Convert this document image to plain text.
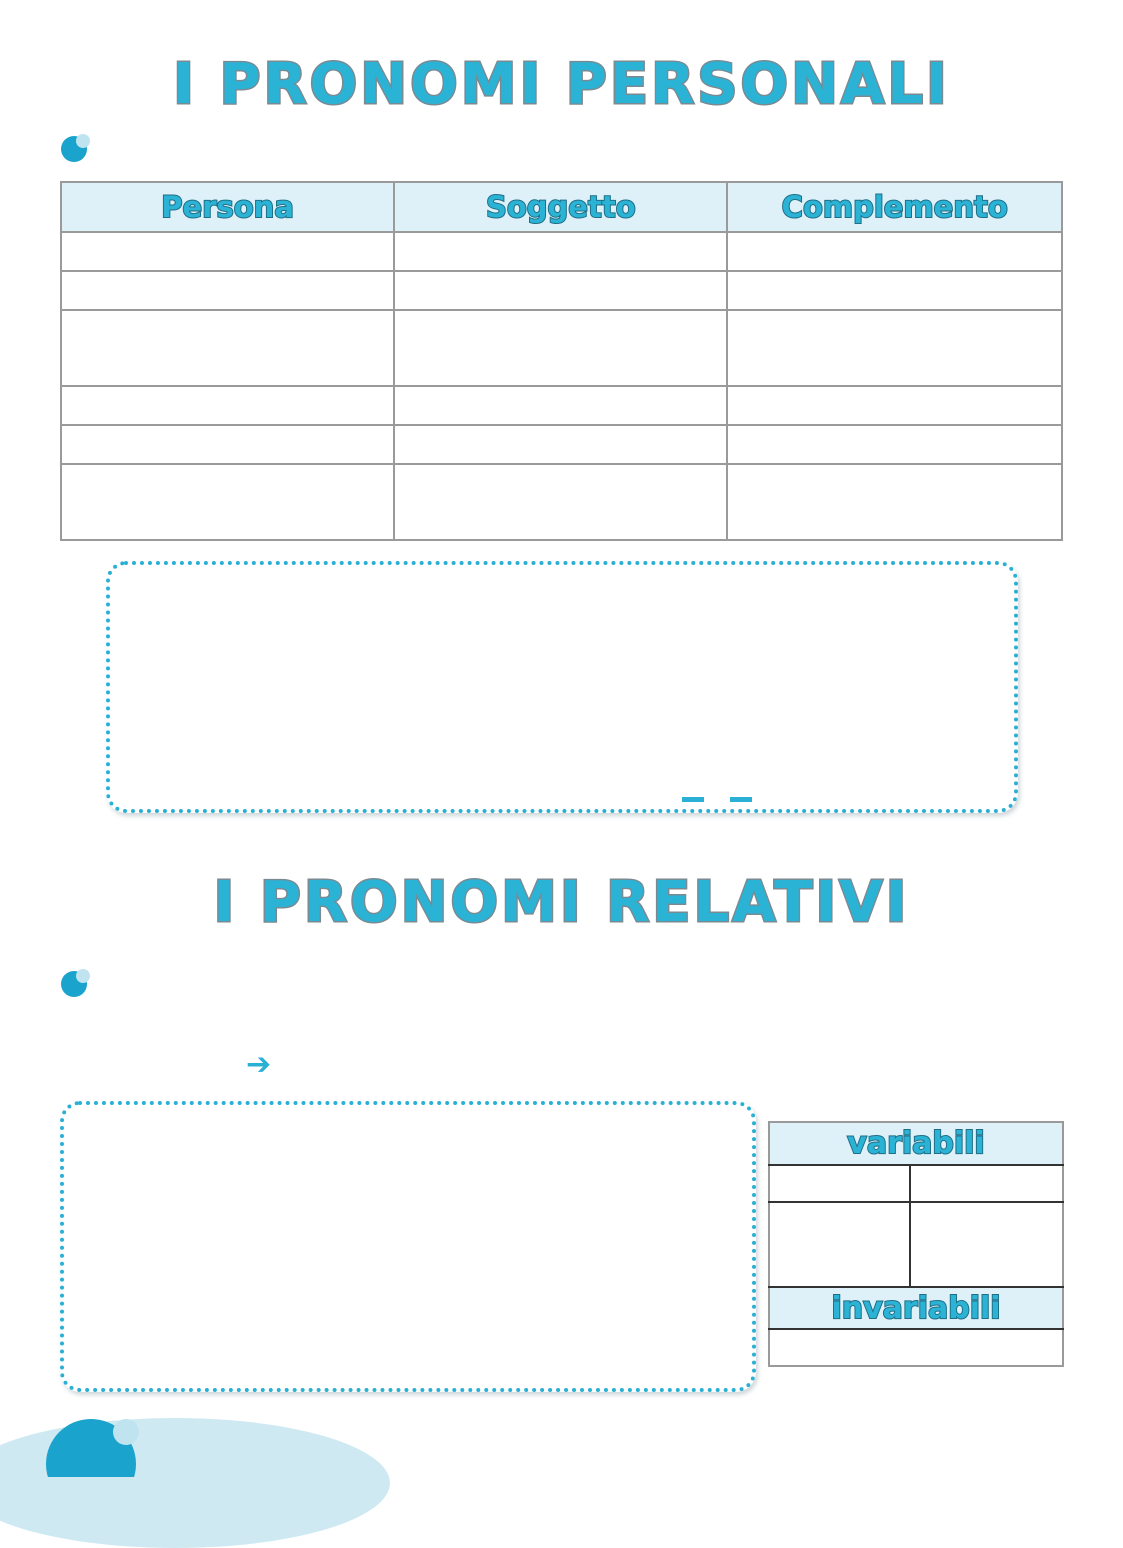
I PRONOMI PERSONALI
Persona	Soggetto	Complemento

I PRONOMI RELATIVI
➔
variabili	

invariabili	
